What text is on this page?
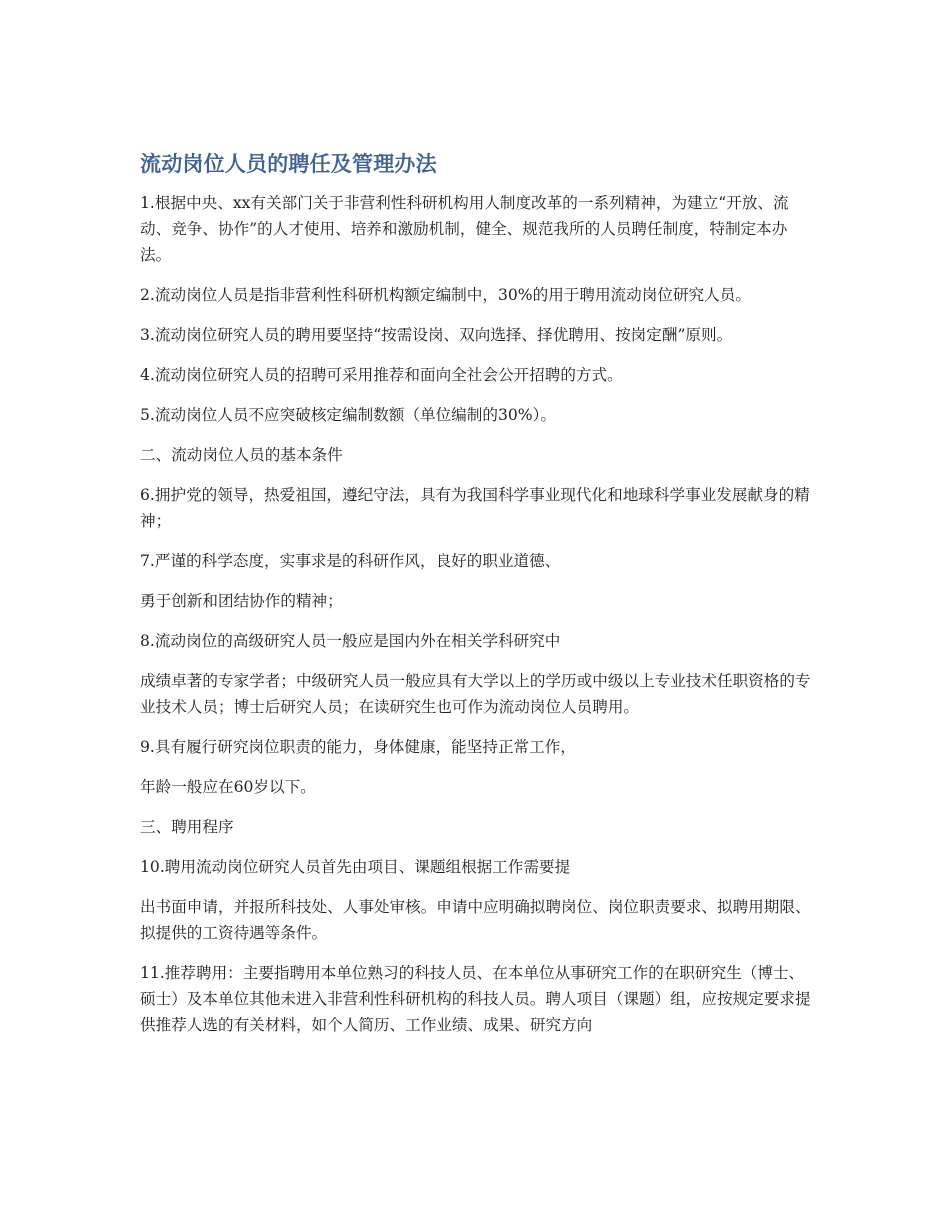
流动岗位人员的聘任及管理办法

1.根据中央、xx有关部门关于非营利性科研机构用人制度改革的一系列精神，为建立“开放、流动、竞争、协作”的人才使用、培养和激励机制，健全、规范我所的人员聘任制度，特制定本办法。

2.流动岗位人员是指非营利性科研机构额定编制中，30%的用于聘用流动岗位研究人员。

3.流动岗位研究人员的聘用要坚持“按需设岗、双向选择、择优聘用、按岗定酬”原则。

4.流动岗位研究人员的招聘可采用推荐和面向全社会公开招聘的方式。

5.流动岗位人员不应突破核定编制数额（单位编制的30%）。

二、流动岗位人员的基本条件

6.拥护党的领导，热爱祖国，遵纪守法，具有为我国科学事业现代化和地球科学事业发展献身的精神；

7.严谨的科学态度，实事求是的科研作风，良好的职业道德、

勇于创新和团结协作的精神；

8.流动岗位的高级研究人员一般应是国内外在相关学科研究中

成绩卓著的专家学者；中级研究人员一般应具有大学以上的学历或中级以上专业技术任职资格的专业技术人员；博士后研究人员；在读研究生也可作为流动岗位人员聘用。

9.具有履行研究岗位职责的能力，身体健康，能坚持正常工作，

年龄一般应在60岁以下。

三、聘用程序

10.聘用流动岗位研究人员首先由项目、课题组根据工作需要提

出书面申请，并报所科技处、人事处审核。申请中应明确拟聘岗位、岗位职责要求、拟聘用期限、拟提供的工资待遇等条件。

11.推荐聘用：主要指聘用本单位熟习的科技人员、在本单位从事研究工作的在职研究生（博士、硕士）及本单位其他未进入非营利性科研机构的科技人员。聘人项目（课题）组，应按规定要求提供推荐人选的有关材料，如个人简历、工作业绩、成果、研究方向
